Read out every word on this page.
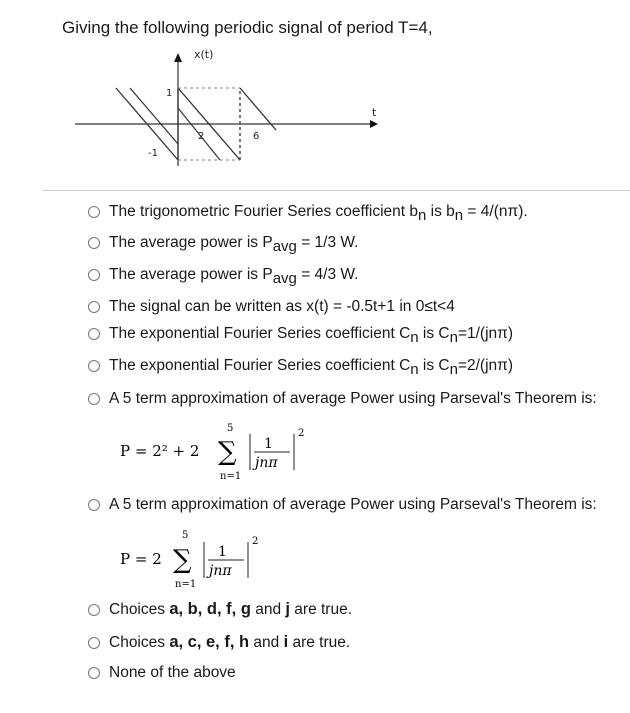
Giving the following periodic signal of period T=4,
x(t)
t
1
-1
2	6
The trigonometric Fourier Series coefficient bn is bn = 4/(nπ).
The average power is Pavg = 1/3 W.
The average power is Pavg = 4/3 W.
The signal can be written as x(t) = -0.5t+1 in 0≤t<4
The exponential Fourier Series coefficient Cn is Cn=1/(jnπ)
The exponential Fourier Series coefficient Cn is Cn=2/(jnπ)
A 5 term approximation of average Power using Parseval's Theorem is:
P = 2² + 2
5
∑
n=1
1
jnπ
2
A 5 term approximation of average Power using Parseval's Theorem is:
P = 2
5
∑
n=1
1
jnπ
2
Choices a, b, d, f, g and j are true.
Choices a, c, e, f, h and i are true.
None of the above
